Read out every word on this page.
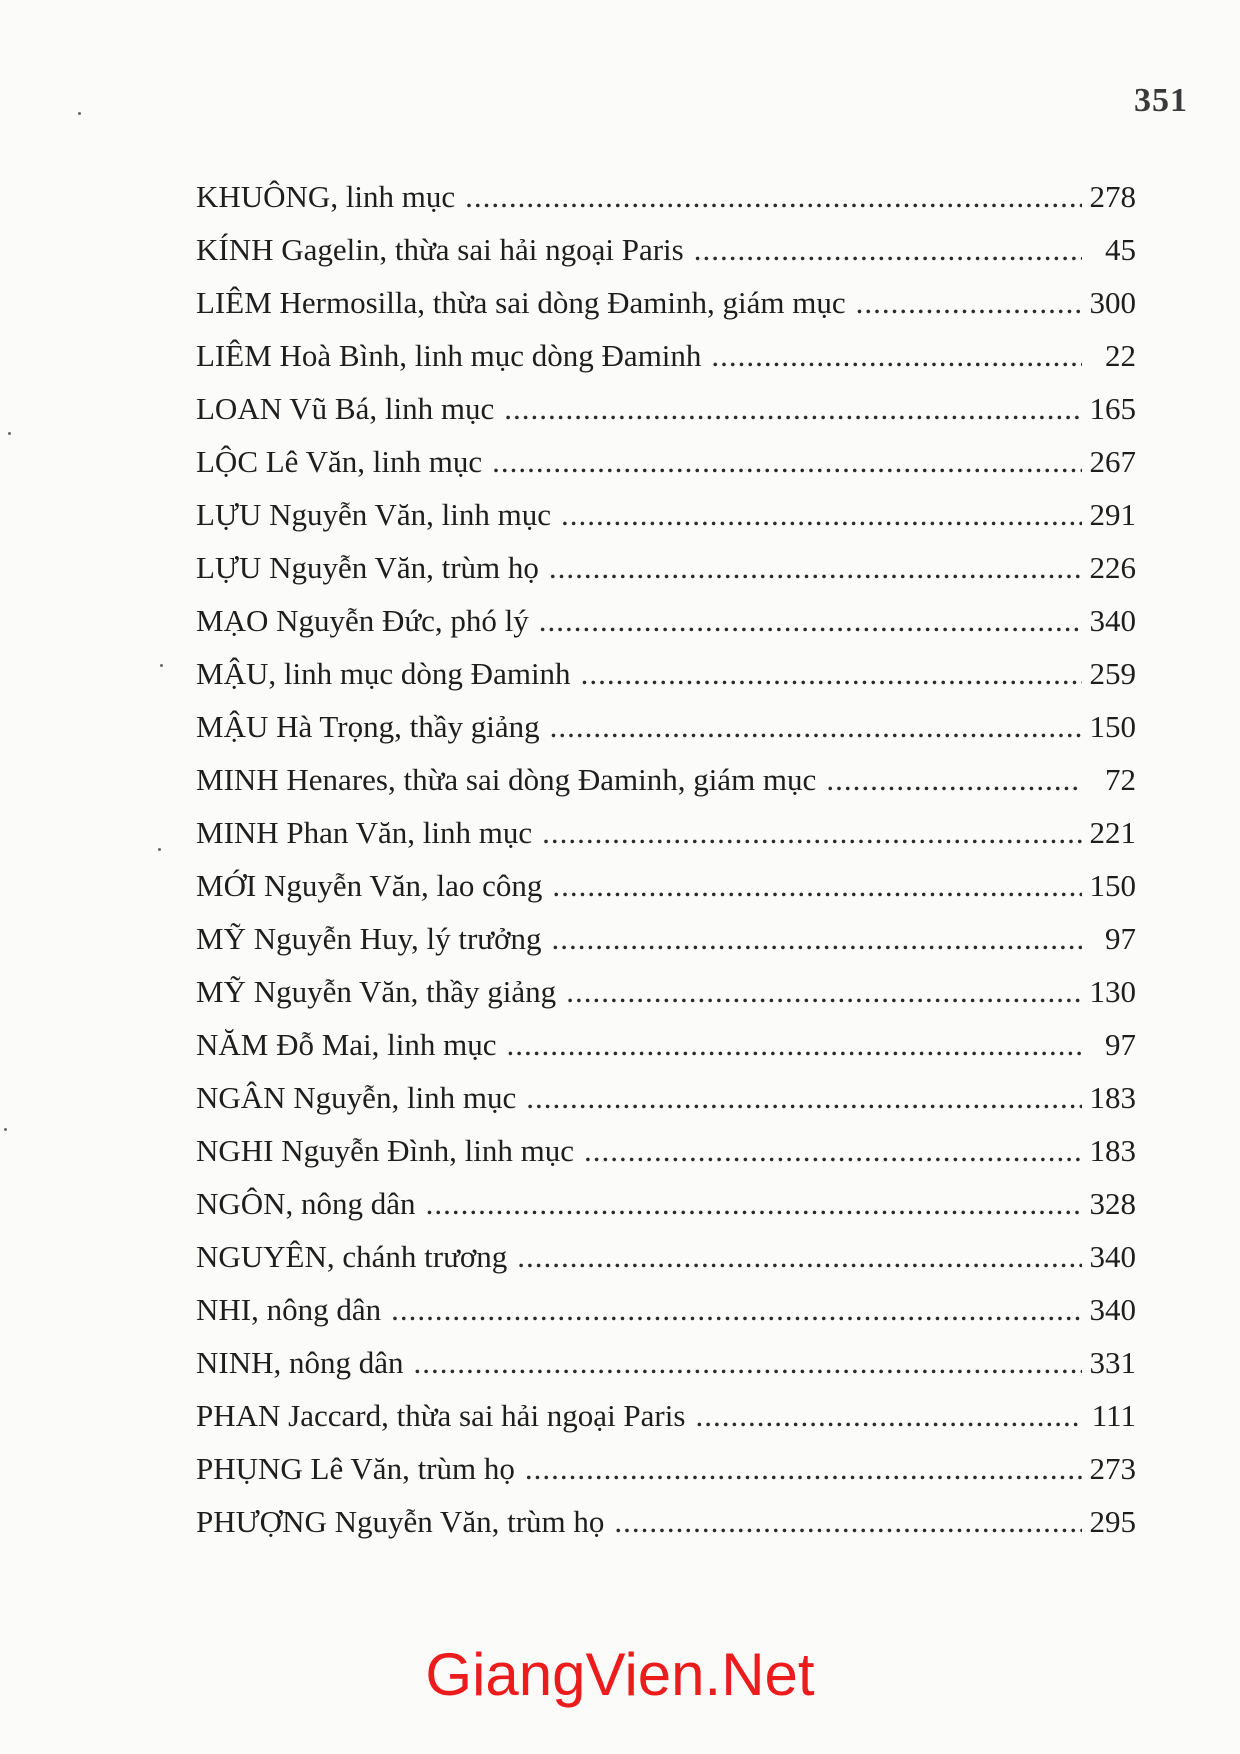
351
KHUÔNG, linh mục .....	278
KÍNH Gagelin, thừa sai hải ngoại Paris .....	45
LIÊM Hermosilla, thừa sai dòng Đaminh, giám mục .....	300
LIÊM Hoà Bình, linh mục dòng Đaminh .....	22
LOAN Vũ Bá, linh mục .....	165
LỘC Lê Văn, linh mục .....	267
LỰU Nguyễn Văn, linh mục .....	291
LỰU Nguyễn Văn, trùm họ .....	226
MẠO Nguyễn Đức, phó lý .....	340
MẬU, linh mục dòng Đaminh .....	259
MẬU Hà Trọng, thầy giảng .....	150
MINH Henares, thừa sai dòng Đaminh, giám mục .....	72
MINH Phan Văn, linh mục .....	221
MỚI Nguyễn Văn, lao công .....	150
MỸ Nguyễn Huy, lý trưởng .....	97
MỸ Nguyễn Văn, thầy giảng .....	130
NĂM Đỗ Mai, linh mục .....	97
NGÂN Nguyễn, linh mục .....	183
NGHI Nguyễn Đình, linh mục .....	183
NGÔN, nông dân .....	328
NGUYÊN, chánh trương .....	340
NHI, nông dân .....	340
NINH, nông dân .....	331
PHAN Jaccard, thừa sai hải ngoại Paris .....	111
PHỤNG Lê Văn, trùm họ .....	273
PHƯỢNG Nguyễn Văn, trùm họ .....	295
GiangVien.Net
